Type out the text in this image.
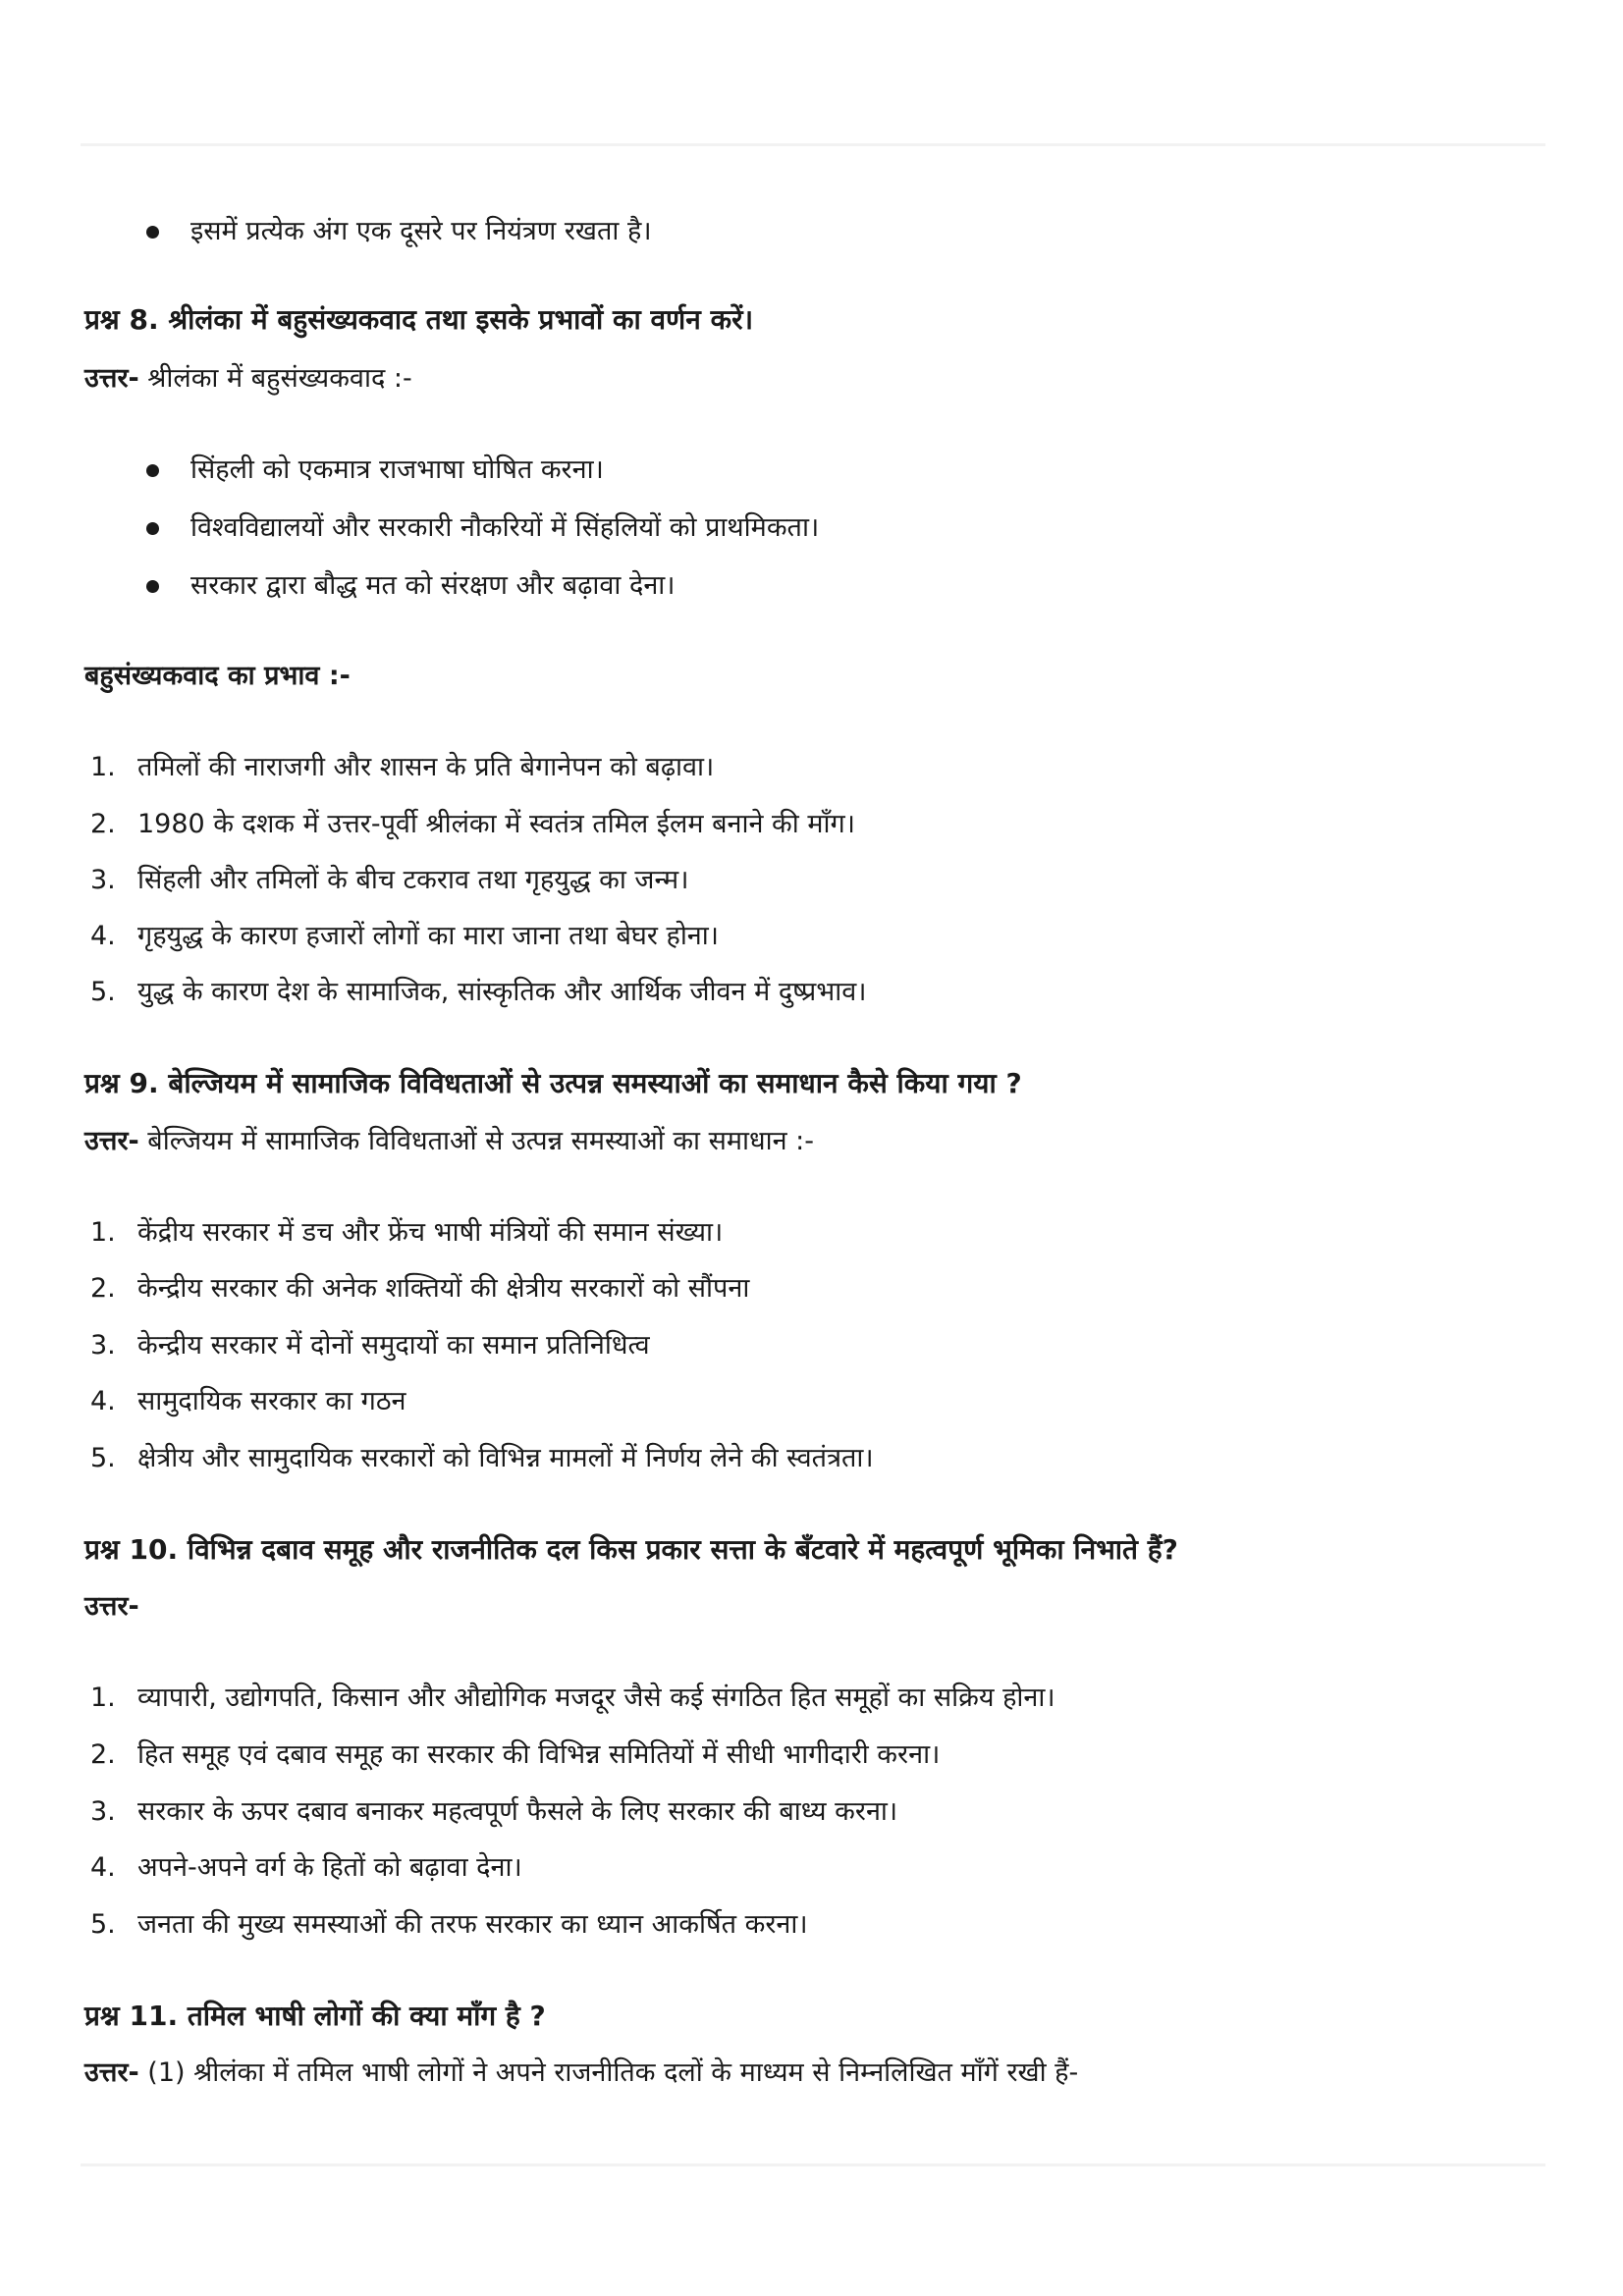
इसमें प्रत्येक अंग एक दूसरे पर नियंत्रण रखता है।
प्रश्न 8. श्रीलंका में बहुसंख्यकवाद तथा इसके प्रभावों का वर्णन करें।
उत्तर- श्रीलंका में बहुसंख्यकवाद :-
सिंहली को एकमात्र राजभाषा घोषित करना।
विश्वविद्यालयों और सरकारी नौकरियों में सिंहलियों को प्राथमिकता।
सरकार द्वारा बौद्ध मत को संरक्षण और बढ़ावा देना।
बहुसंख्यकवाद का प्रभाव :-
1. तमिलों की नाराजगी और शासन के प्रति बेगानेपन को बढ़ावा।
2. 1980 के दशक में उत्तर-पूर्वी श्रीलंका में स्वतंत्र तमिल ईलम बनाने की माँग।
3. सिंहली और तमिलों के बीच टकराव तथा गृहयुद्ध का जन्म।
4. गृहयुद्ध के कारण हजारों लोगों का मारा जाना तथा बेघर होना।
5. युद्ध के कारण देश के सामाजिक, सांस्कृतिक और आर्थिक जीवन में दुष्प्रभाव।
प्रश्न 9. बेल्जियम में सामाजिक विविधताओं से उत्पन्न समस्याओं का समाधान कैसे किया गया ?
उत्तर- बेल्जियम में सामाजिक विविधताओं से उत्पन्न समस्याओं का समाधान :-
1. केंद्रीय सरकार में डच और फ्रेंच भाषी मंत्रियों की समान संख्या।
2. केन्द्रीय सरकार की अनेक शक्तियों की क्षेत्रीय सरकारों को सौंपना
3. केन्द्रीय सरकार में दोनों समुदायों का समान प्रतिनिधित्व
4. सामुदायिक सरकार का गठन
5. क्षेत्रीय और सामुदायिक सरकारों को विभिन्न मामलों में निर्णय लेने की स्वतंत्रता।
प्रश्न 10. विभिन्न दबाव समूह और राजनीतिक दल किस प्रकार सत्ता के बँटवारे में महत्वपूर्ण भूमिका निभाते हैं?
उत्तर-
1. व्यापारी, उद्योगपति, किसान और औद्योगिक मजदूर जैसे कई संगठित हित समूहों का सक्रिय होना।
2. हित समूह एवं दबाव समूह का सरकार की विभिन्न समितियों में सीधी भागीदारी करना।
3. सरकार के ऊपर दबाव बनाकर महत्वपूर्ण फैसले के लिए सरकार की बाध्य करना।
4. अपने-अपने वर्ग के हितों को बढ़ावा देना।
5. जनता की मुख्य समस्याओं की तरफ सरकार का ध्यान आकर्षित करना।
प्रश्न 11. तमिल भाषी लोगों की क्या माँग है ?
उत्तर- (1) श्रीलंका में तमिल भाषी लोगों ने अपने राजनीतिक दलों के माध्यम से निम्नलिखित माँगें रखी हैं-
